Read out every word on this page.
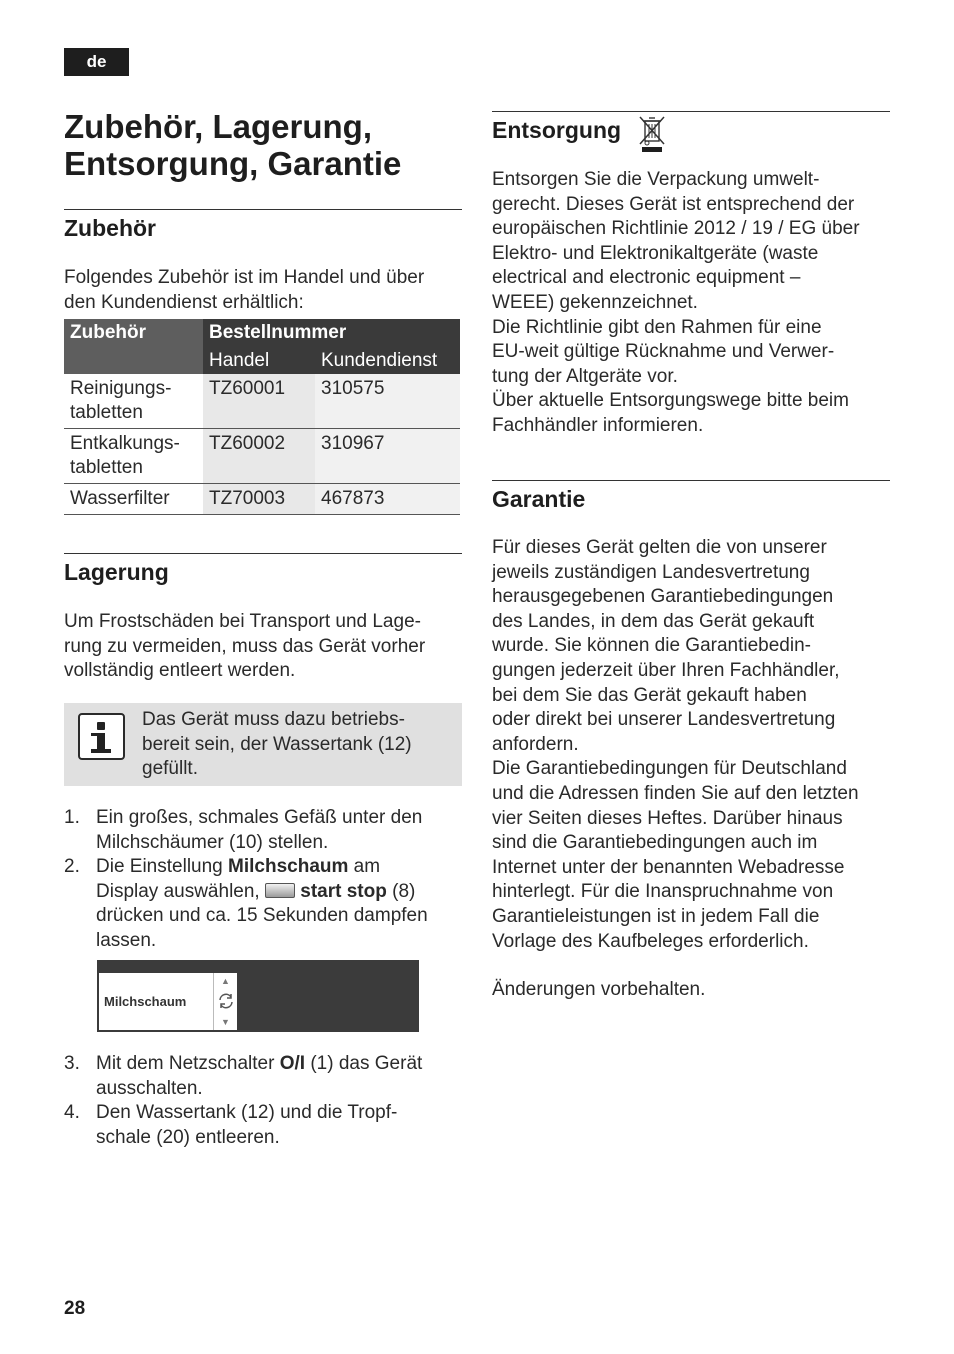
de
Zubehör, Lagerung,
Entsorgung, Garantie
Zubehör

Folgendes Zubehör ist im Handel und über
den Kundendienst erhältlich:

Zubehör	Bestellnummer	
	Handel	Kundendienst
Reinigungs-
tabletten	TZ60001	310575
Entkalkungs-
tabletten	TZ60002	310967
Wasserfilter	TZ70003	467873
Lagerung

Um Frostschäden bei Transport und Lage-
rung zu vermeiden, muss das Gerät vorher
vollständig entleert werden.

Das Gerät muss dazu betriebs-
bereit sein, der Wassertank (12)
gefüllt.

1. Ein großes, schmales Gefäß unter den
Milchschäumer (10) stellen.
2. Die Einstellung Milchschaum am
Display auswählen,  start stop (8)
drücken und ca. 15 Sekunden dampfen
lassen.
Milchschaum
▲
▼
3. Mit dem Netzschalter O/I (1) das Gerät
ausschalten.
4. Den Wassertank (12) und die Tropf-
schale (20) entleeren.
Entsorgung

Entsorgen Sie die Verpackung umwelt-
gerecht. Dieses Gerät ist entsprechend der
europäischen Richtlinie 2012 / 19 / EG über
Elektro- und Elektronikaltgeräte (waste
electrical and electronic equipment –
WEEE) gekennzeichnet.
Die Richtlinie gibt den Rahmen für eine
EU-weit gültige Rücknahme und Verwer-
tung der Altgeräte vor.
Über aktuelle Entsorgungswege bitte beim
Fachhändler informieren.

Garantie

Für dieses Gerät gelten die von unserer
jeweils zuständigen Landesvertretung
herausgegebenen Garantiebedingungen
des Landes, in dem das Gerät gekauft
wurde. Sie können die Garantiebedin-
gungen jederzeit über Ihren Fachhändler,
bei dem Sie das Gerät gekauft haben
oder direkt bei unserer Landesvertretung
anfordern.
Die Garantiebedingungen für Deutschland
und die Adressen finden Sie auf den letzten
vier Seiten dieses Heftes. Darüber hinaus
sind die Garantiebedingungen auch im
Internet unter der benannten Webadresse
hinterlegt. Für die Inanspruchnahme von
Garantieleistungen ist in jedem Fall die
Vorlage des Kaufbeleges erforderlich.

Änderungen vorbehalten.

28
